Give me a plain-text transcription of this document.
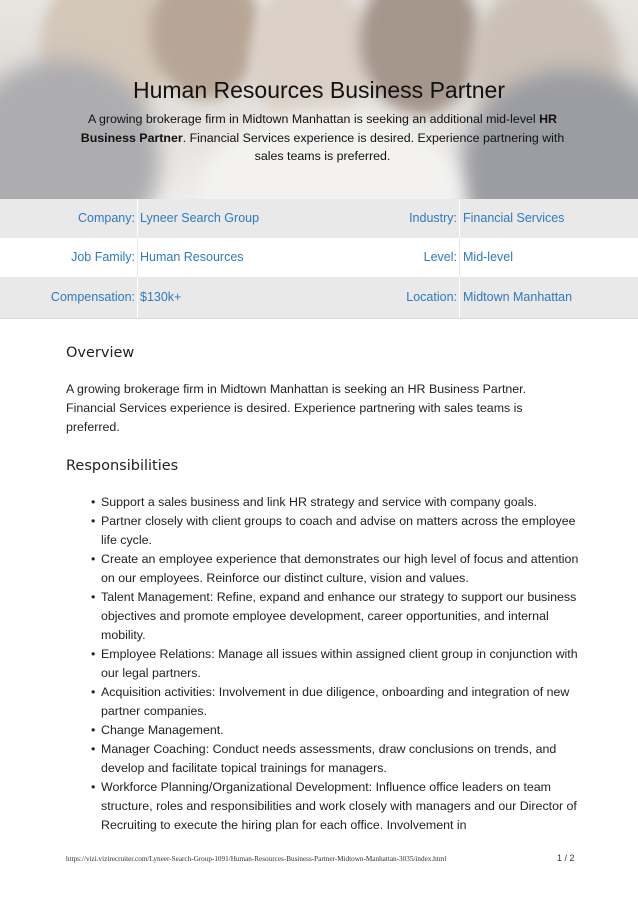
Human Resources Business Partner

A growing brokerage firm in Midtown Manhattan is seeking an additional mid-level HR Business Partner. Financial Services experience is desired. Experience partnering with sales teams is preferred.

Company: Lyneer Search Group	Industry: Financial Services
Job Family: Human Resources	Level: Mid-level
Compensation: $130k+	Location: Midtown Manhattan
Overview

A growing brokerage firm in Midtown Manhattan is seeking an HR Business Partner. Financial Services experience is desired. Experience partnering with sales teams is preferred.

Responsibilities
• Support a sales business and link HR strategy and service with company goals.
• Partner closely with client groups to coach and advise on matters across the employee life cycle.
• Create an employee experience that demonstrates our high level of focus and attention on our employees. Reinforce our distinct culture, vision and values.
• Talent Management: Refine, expand and enhance our strategy to support our business objectives and promote employee development, career opportunities, and internal mobility.
• Employee Relations: Manage all issues within assigned client group in conjunction with our legal partners.
• Acquisition activities: Involvement in due diligence, onboarding and integration of new partner companies.
• Change Management.
• Manager Coaching: Conduct needs assessments, draw conclusions on trends, and develop and facilitate topical trainings for managers.
• Workforce Planning/Organizational Development: Influence office leaders on team structure, roles and responsibilities and work closely with managers and our Director of Recruiting to execute the hiring plan for each office. Involvement in
https://vizi.vizirecruiter.com/Lyneer-Search-Group-1091/Human-Resources-Business-Partner-Midtown-Manhattan-3035/index.html	1 / 2
